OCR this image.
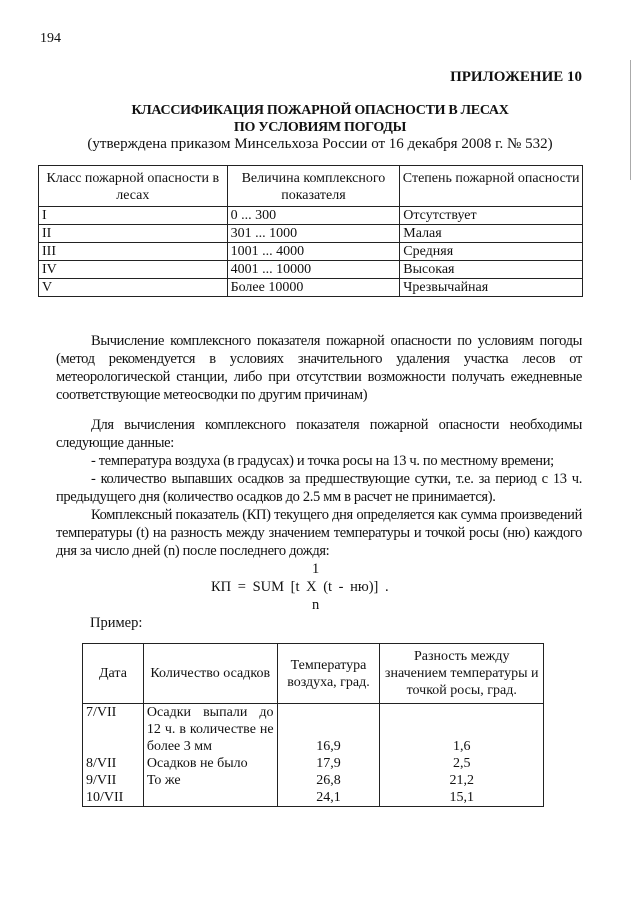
194
ПРИЛОЖЕНИЕ 10
КЛАССИФИКАЦИЯ ПОЖАРНОЙ ОПАСНОСТИ В ЛЕСАХ
ПО УСЛОВИЯМ ПОГОДЫ
(утверждена приказом Минсельхоза России от 16 декабря 2008 г. № 532)
Класс пожарной опасности в лесах	Величина комплексного показателя	Степень пожарной опасности
I	0 ... 300	Отсутствует
II	301 ... 1000	Малая
III	1001 ... 4000	Средняя
IV	4001 ... 10000	Высокая
V	Более 10000	Чрезвычайная
Вычисление комплексного показателя пожарной опасности по условиям погоды (метод рекомендуется в условиях значительного удаления участка лесов от метеорологической станции, либо при отсутствии возможности получать ежедневные соответствующие метеосводки по другим причинам)
Для вычисления комплексного показателя пожарной опасности необходимы следующие данные:
- температура воздуха (в градусах) и точка росы на 13 ч. по местному времени;
- количество выпавших осадков за предшествующие сутки, т.е. за период с 13 ч. предыдущего дня (количество осадков до 2.5 мм в расчет не принимается).
Комплексный показатель (КП) текущего дня определяется как сумма произведений температуры (t) на разность между значением температуры и точкой росы (ню) каждого дня за число дней (n) после последнего дождя:
1
КП = SUM [t X (t - ню)] .
n
Пример:
Дата	Количество осадков	Температура воздуха, град.	Разность между значением температуры и точкой росы, град.
7/VII	Осадки выпали до 12 ч. в количестве не более 3 мм	16,9	1,6
8/VII	Осадков не было	17,9	2,5
9/VII	То же	26,8	21,2
10/VII		24,1	15,1
